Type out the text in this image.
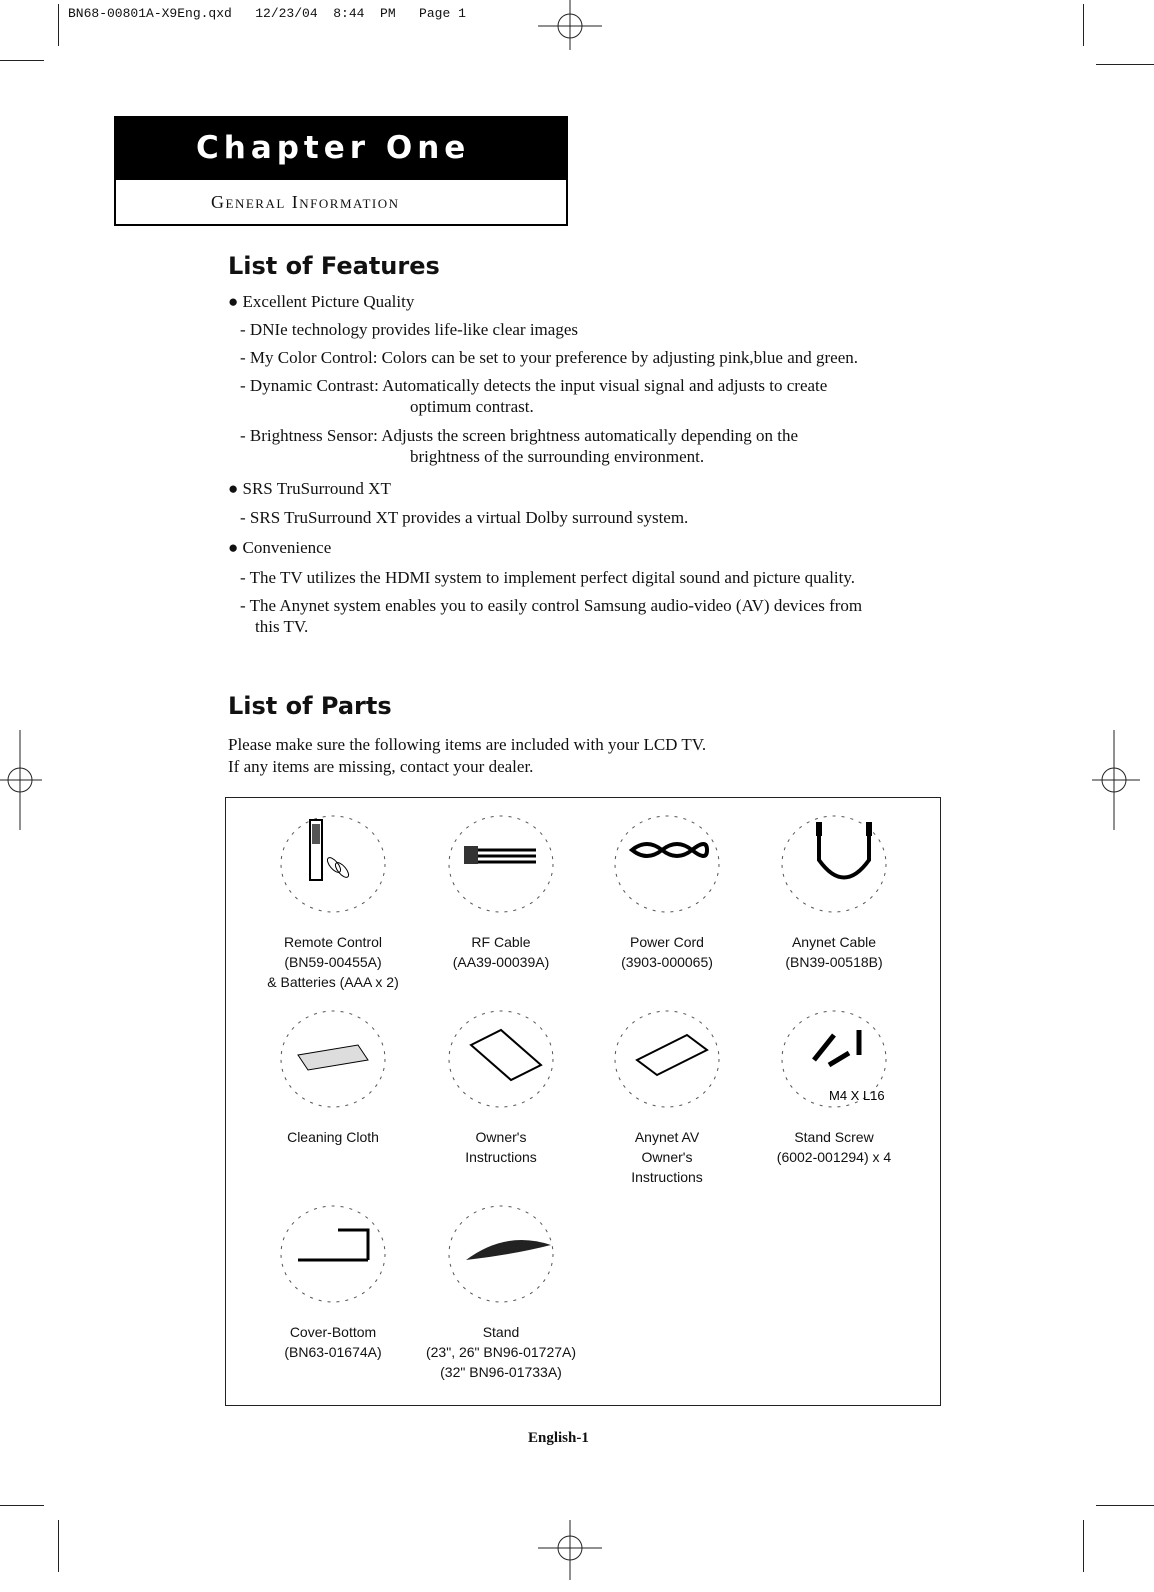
BN68-00801A-X9Eng.qxd   12/23/04  8:44  PM   Page 1
Chapter One
General Information
List of Features
● Excellent Picture Quality
- DNIe technology provides life-like clear images
- My Color Control: Colors can be set to your preference by adjusting pink,blue and green.
- Dynamic Contrast: Automatically detects the input visual signal and adjusts to create
optimum contrast.
- Brightness Sensor: Adjusts the screen brightness automatically depending on the
brightness of the surrounding environment.
● SRS TruSurround XT
- SRS TruSurround XT provides a virtual Dolby surround system.
● Convenience
- The TV utilizes the HDMI system to implement perfect digital sound and picture quality.
- The Anynet system enables you to easily control Samsung audio-video (AV) devices from
this TV.
List of Parts
Please make sure the following items are included with your LCD TV.
If any items are missing, contact your dealer.
Remote Control
(BN59-00455A)
& Batteries (AAA x 2)
RF Cable
(AA39-00039A)
Power Cord
(3903-000065)
Anynet Cable
(BN39-00518B)
Cleaning Cloth	Owner's
Instructions
Anynet AV
Owner's
Instructions
M4 X L16
Stand Screw
(6002-001294) x 4
Cover-Bottom
(BN63-01674A)
Stand
(23", 26" BN96-01727A)
(32" BN96-01733A)
English-1
